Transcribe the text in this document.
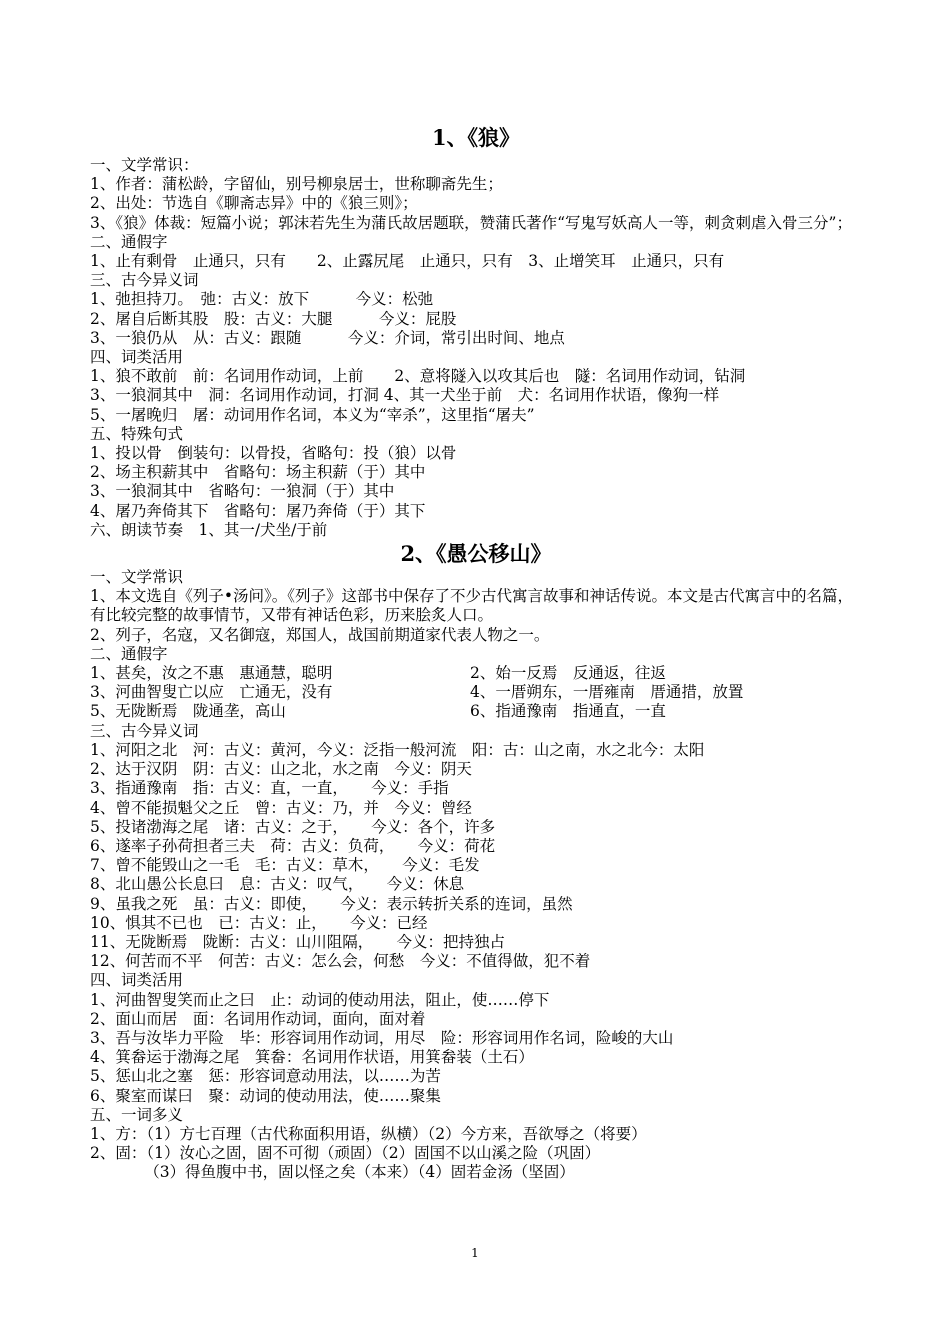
1、《狼》
一、文学常识：
1、作者：蒲松龄，字留仙，别号柳泉居士，世称聊斋先生；
2、出处：节选自《聊斋志异》中的《狼三则》；
3、《狼》体裁：短篇小说；郭沫若先生为蒲氏故居题联，赞蒲氏著作“写鬼写妖高人一等，刺贪刺虐入骨三分”；
二、通假字
1、止有剩骨　止通只，只有　　2、止露尻尾　止通只，只有　3、止增笑耳　止通只，只有
三、古今异义词
1、弛担持刀。　弛：古义：放下　　　今义：松弛
2、屠自后断其股　股：古义：大腿　　　今义：屁股
3、一狼仍从　从：古义：跟随　　　今义：介词，常引出时间、地点
四、词类活用
1、狼不敢前　前：名词用作动词，上前　　2、意将隧入以攻其后也　隧：名词用作动词，钻洞
3、一狼洞其中　洞：名词用作动词，打洞 4、其一犬坐于前　犬：名词用作状语，像狗一样
5、一屠晚归　屠：动词用作名词，本义为“宰杀”，这里指“屠夫”
五、特殊句式
1、投以骨　倒装句：以骨投，省略句：投（狼）以骨
2、场主积薪其中　省略句：场主积薪（于）其中
3、一狼洞其中　省略句：一狼洞（于）其中
4、屠乃奔倚其下　省略句：屠乃奔倚（于）其下
六、朗读节奏　1、其一/犬坐/于前
2、《愚公移山》
一、文学常识
1、本文选自《列子•汤问》。《列子》这部书中保存了不少古代寓言故事和神话传说。本文是古代寓言中的名篇，有比较完整的故事情节，又带有神话色彩，历来脍炙人口。
2、列子，名寇，又名御寇，郑国人，战国前期道家代表人物之一。
二、通假字
1、甚矣，汝之不惠　惠通慧，聪明	2、始一反焉　反通返，往返
3、河曲智叟亡以应　亡通无，没有	4、一厝朔东，一厝雍南　厝通措，放置
5、无陇断焉　陇通垄，高山	6、指通豫南　指通直，一直
三、古今异义词
1、河阳之北　河：古义：黄河，今义：泛指一般河流　阳：古：山之南，水之北今：太阳
2、达于汉阴　阴：古义：山之北，水之南　今义：阴天
3、指通豫南　指：古义：直，一直，　　今义：手指
4、曾不能损魁父之丘　曾：古义：乃，并　今义：曾经
5、投诸渤海之尾　诸：古义：之于，　　今义：各个，许多
6、遂率子孙荷担者三夫　荷：古义：负荷，　　今义：荷花
7、曾不能毁山之一毛　毛：古义：草木，　　今义：毛发
8、北山愚公长息曰　息：古义：叹气，　　今义：休息
9、虽我之死　虽：古义：即使，　　今义：表示转折关系的连词，虽然
10、惧其不已也　已：古义：止，　　今义：已经
11、无陇断焉　陇断：古义：山川阻隔，　　今义：把持独占
12、何苦而不平　何苦：古义：怎么会，何愁　今义：不值得做，犯不着
四、词类活用
1、河曲智叟笑而止之曰　止：动词的使动用法，阻止，使……停下
2、面山而居　面：名词用作动词，面向，面对着
3、吾与汝毕力平险　毕：形容词用作动词，用尽　险：形容词用作名词，险峻的大山
4、箕畚运于渤海之尾　箕畚：名词用作状语，用箕畚装（土石）
5、惩山北之塞　惩：形容词意动用法，以……为苦
6、聚室而谋曰　聚：动词的使动用法，使……聚集
五、一词多义
1、方：（1）方七百理（古代称面积用语，纵横）（2）今方来，吾欲辱之（将要）
2、固：（1）汝心之固，固不可彻（顽固）（2）固国不以山溪之险（巩固）
　　　　（3）得鱼腹中书，固以怪之矣（本来）（4）固若金汤（坚固）
1
